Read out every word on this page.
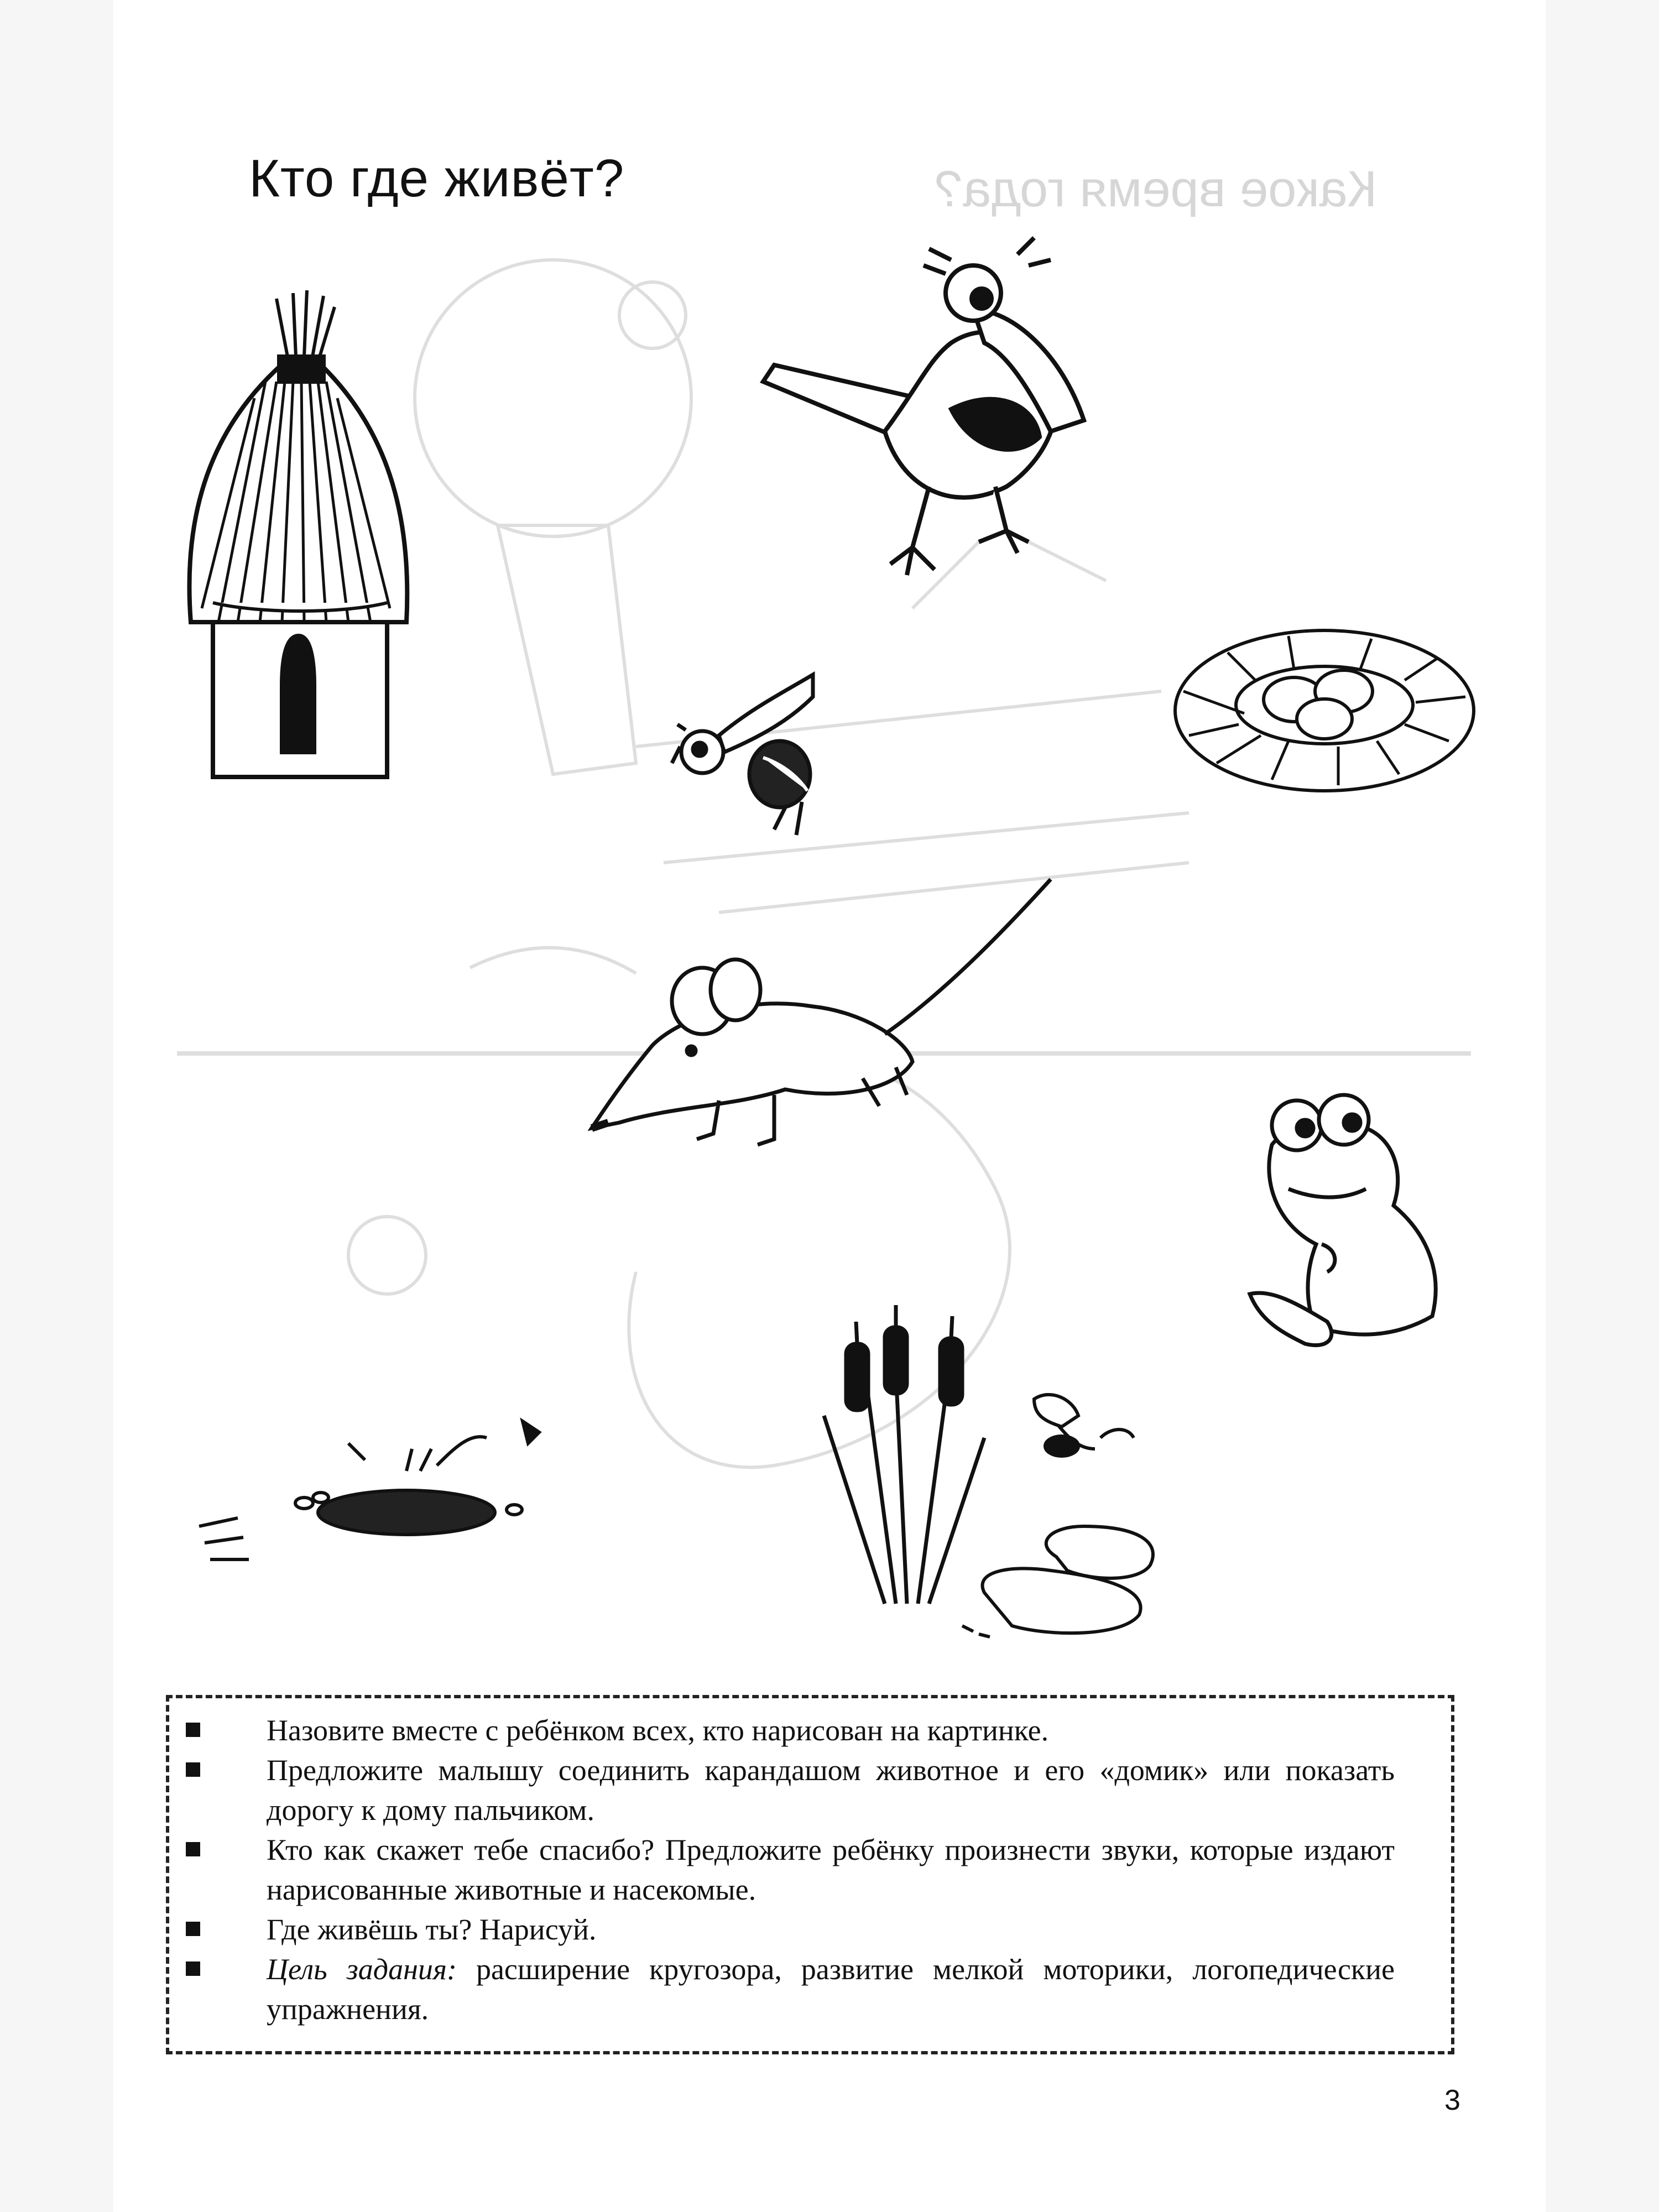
Какое время года?
Кто где живёт?
Назовите вместе с ребёнком всех, кто нарисован на картинке.
Предложите малышу соединить карандашом животное и его «домик» или показать дорогу к дому пальчиком.
Кто как скажет тебе спасибо? Предложите ребёнку произнести звуки, которые издают нарисованные животные и насекомые.
Где живёшь ты? Нарисуй.
Цель задания: расширение кругозора, развитие мелкой моторики, логопедические упражнения.
3
